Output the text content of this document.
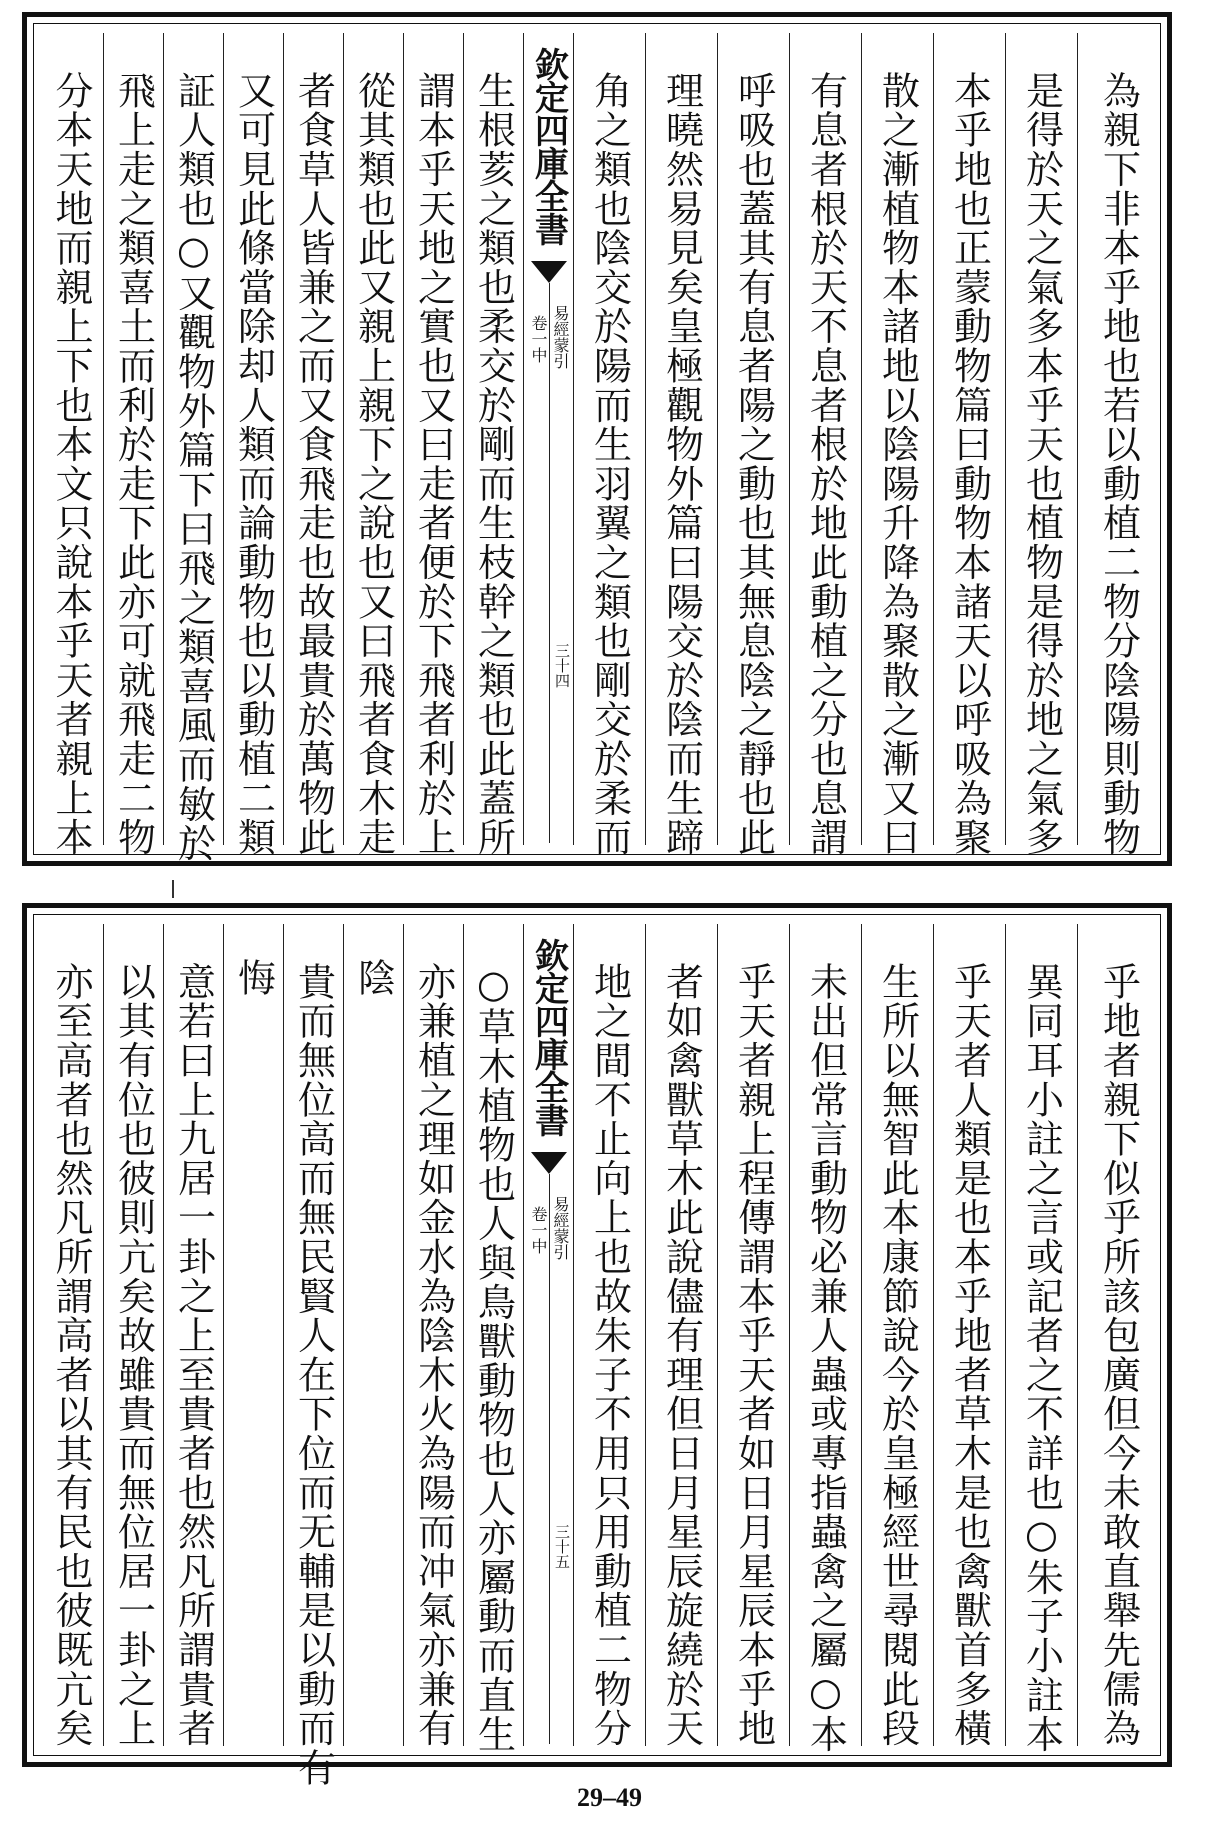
角之類也陰交於陽而生羽翼之類也剛交於柔而 理曉然易見矣皇極觀物外篇曰陽交於陰而生蹄 呼吸也蓋其有息者陽之動也其無息陰之靜也此 有息者根於天不息者根於地此動植之分也息謂 散之漸植物本諸地以陰陽升降為聚散之漸又曰 本乎地也正蒙動物篇曰動物本諸天以呼吸為聚 是得於天之氣多本乎天也植物是得於地之氣多 為親下非本乎地也若以動植二物分陰陽則動物
欽定四庫全書
易經蒙引
卷一中
三十四
分本天地而親上下也本文只說本乎天者親上本 飛上走之類喜土而利於走下此亦可就飛走二物 証人類也○又觀物外篇下曰飛之類喜風而敏於 又可見此條當除却人類而論動物也以動植二類 者食草人皆兼之而又食飛走也故最貴於萬物此 從其類也此又親上親下之說也又曰飛者食木走 謂本乎天地之實也又曰走者便於下飛者利於上 生根荄之類也柔交於剛而生枝幹之類也此蓋所
地之間不止向上也故朱子不用只用動植二物分 者如禽獸草木此說儘有理但日月星辰旋繞於天 乎天者親上程傳謂本乎天者如日月星辰本乎地 未出但常言動物必兼人蟲或專指蟲禽之屬○本 生所以無智此本康節說今於皇極經世尋閱此段 乎天者人類是也本乎地者草木是也禽獸首多橫 異同耳小註之言或記者之不詳也○朱子小註本 乎地者親下似乎所該包廣但今未敢直舉先儒為
欽定四庫全書
易經蒙引
卷一中
三十五
亦至高者也然凡所謂高者以其有民也彼既亢矣 以其有位也彼則亢矣故雖貴而無位居一卦之上 意若曰上九居一卦之上至貴者也然凡所謂貴者 悔 貴而無位高而無民賢人在下位而无輔是以動而有 陰 亦兼植之理如金水為陰木火為陽而冲氣亦兼有 ○草木植物也人與鳥獸動物也人亦屬動而直生
29–49
